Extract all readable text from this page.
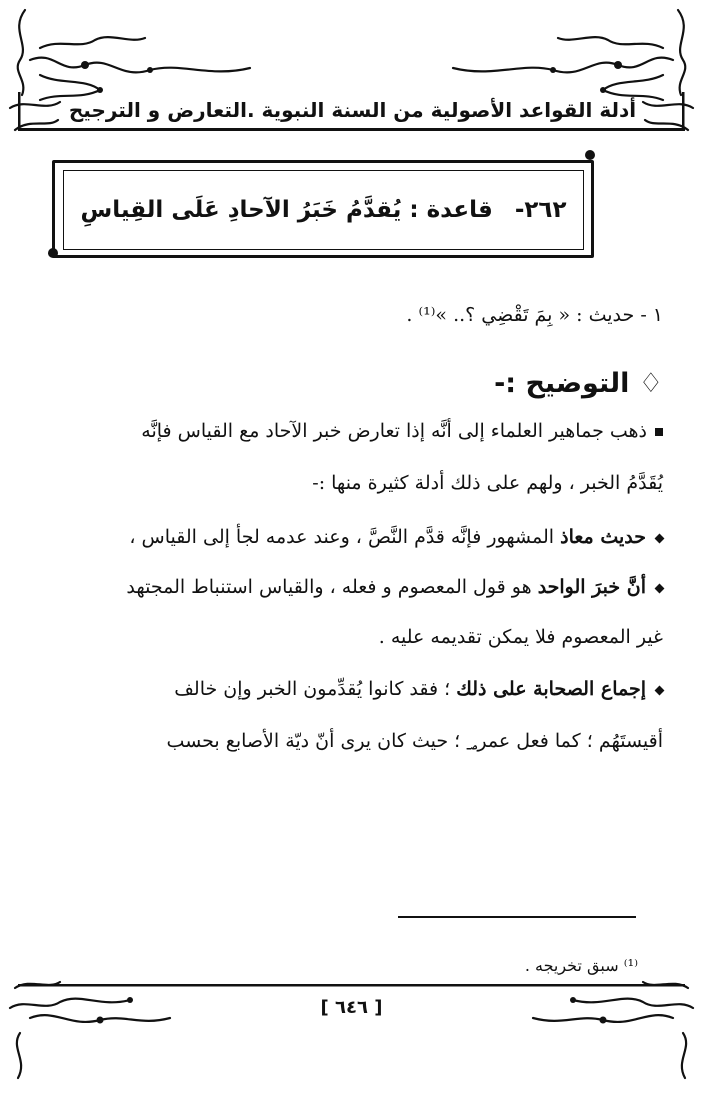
أدلة القواعد الأصولية من السنة النبوية .التعارض و الترجيح
٢٦٢-قاعدة : يُقدَّمُ خَبَرُ الآحادِ عَلَى القِياسِ
١ - حديث : « بِمَ تَقْضِي ؟.. »⁽¹⁾ .
♢ التوضيح :-
ذهب جماهير العلماء إلى أنَّه إذا تعارض خبر الآحاد مع القياس فإنَّه
يُقَدَّمُ الخبر ، ولهم على ذلك أدلة كثيرة منها :-
حديث معاذ المشهور فإنَّه قدَّم النَّصَّ ، وعند عدمه لجأ إلى القياس ،
أنَّ خبرَ الواحد هو قول المعصوم و فعله ، والقياس استنباط المجتهد
غير المعصوم فلا يمكن تقديمه عليه .
إجماع الصحابة على ذلك ؛ فقد كانوا يُقدِّمون الخبر وإن خالف
أقيستَهُم ؛ كما فعل عمر؃ ؛ حيث كان يرى أنّ ديّة الأصابع بحسب
⁽¹⁾ سبق تخريجه .
[ ٦٤٦ ]
